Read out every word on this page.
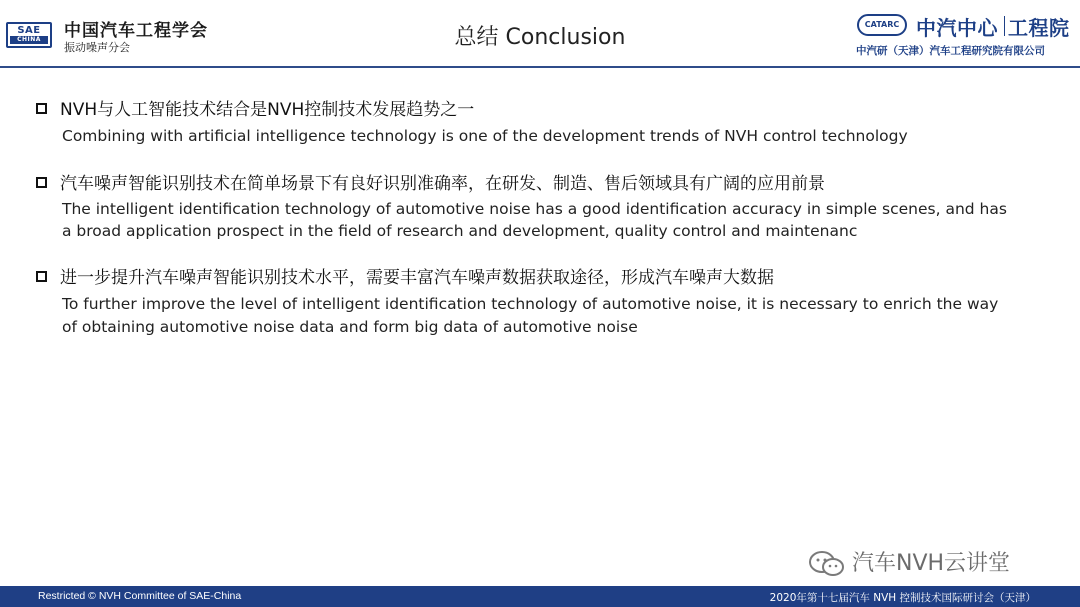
SAE
CHINA	中国汽车工程学会
振动噪声分会	总结 Conclusion
CATARC 中汽中心 工程院
中汽研（天津）汽车工程研究院有限公司
NVH与人工智能技术结合是NVH控制技术发展趋势之一
Combining with artificial intelligence technology is one of the development trends of NVH control technology
汽车噪声智能识别技术在简单场景下有良好识别准确率，在研发、制造、售后领域具有广阔的应用前景
The intelligent identification technology of automotive noise has a good identification accuracy in simple scenes, and has
a broad application prospect in the field of research and development, quality control and maintenanc
进一步提升汽车噪声智能识别技术水平，需要丰富汽车噪声数据获取途径，形成汽车噪声大数据
To further improve the level of intelligent identification technology of automotive noise, it is necessary to enrich the way
of obtaining automotive noise data and form big data of automotive noise
汽车NVH云讲堂
Restricted © NVH Committee of SAE-China	2020年第十七届汽车 NVH 控制技术国际研讨会（天津）
